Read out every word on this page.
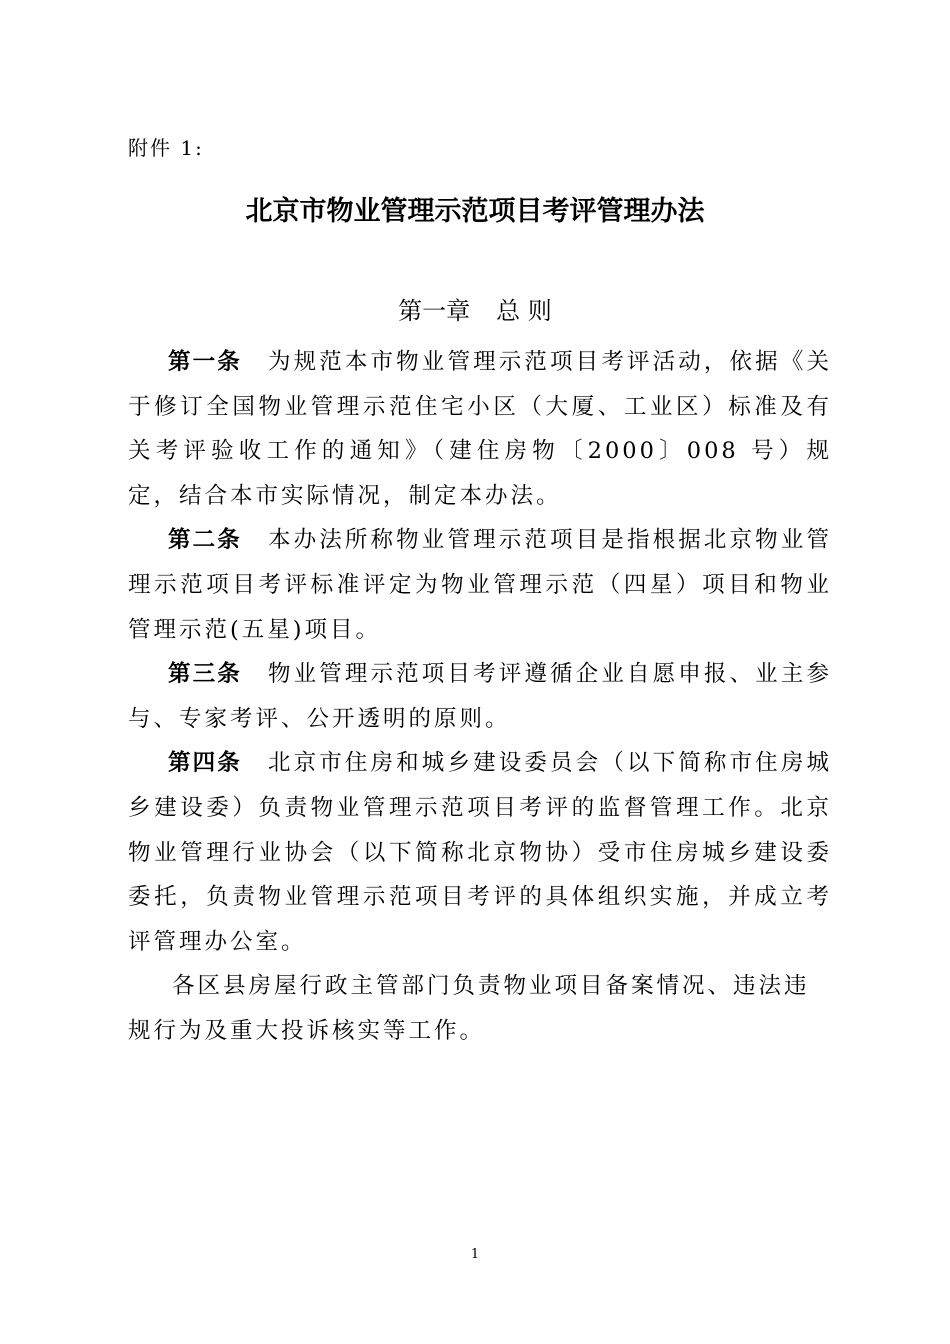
附件 1:
北京市物业管理示范项目考评管理办法
第一章 总 则

第一条 为规范本市物业管理示范项目考评活动，依据《关于修订全国物业管理示范住宅小区（大厦、工业区）标准及有关考评验收工作的通知》（建住房物〔2000〕008 号）规定，结合本市实际情况，制定本办法。

第二条 本办法所称物业管理示范项目是指根据北京物业管理示范项目考评标准评定为物业管理示范（四星）项目和物业管理示范(五星)项目。

第三条 物业管理示范项目考评遵循企业自愿申报、业主参与、专家考评、公开透明的原则。

第四条 北京市住房和城乡建设委员会（以下简称市住房城乡建设委）负责物业管理示范项目考评的监督管理工作。北京物业管理行业协会（以下简称北京物协）受市住房城乡建设委委托，负责物业管理示范项目考评的具体组织实施，并成立考评管理办公室。

各区县房屋行政主管部门负责物业项目备案情况、违法违规行为及重大投诉核实等工作。

1
